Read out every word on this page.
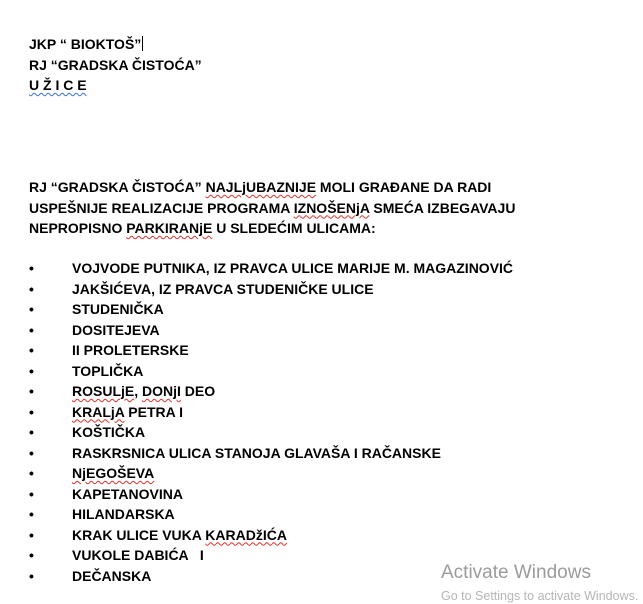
JKP “ BIOKTOŠ”
RJ “GRADSKA ČISTOĆA”
U Ž I C E
RJ “GRADSKA ČISTOĆA” NAJLjUBAZNIJE MOLI GRAĐANE DA RADI
USPEŠNIJE REALIZACIJE PROGRAMA IZNOŠENjA SMEĆA IZBEGAVAJU
NEPROPISNO PARKIRANjE U SLEDEĆIM ULICAMA:
•	VOJVODE PUTNIKA, IZ PRAVCA ULICE MARIJE M. MAGAZINOVIĆ
•	JAKŠIĆEVA, IZ PRAVCA STUDENIČKE ULICE
•	STUDENIČKA
•	DOSITEJEVA
•	II PROLETERSKE
•	TOPLIČKA
•	ROSULjE, DONjI DEO
•	KRALjA PETRA I
•	KOŠTIČKA
•	RASKRSNICA ULICA STANOJA GLAVAŠA I RAČANSKE
•	NjEGOŠEVA
•	KAPETANOVINA
•	HILANDARSKA
•	KRAK ULICE VUKA KARADžIĆA
•	VUKOLE DABIĆA   I
•	DEČANSKA	Activate Windows
Go to Settings to activate Windows.
